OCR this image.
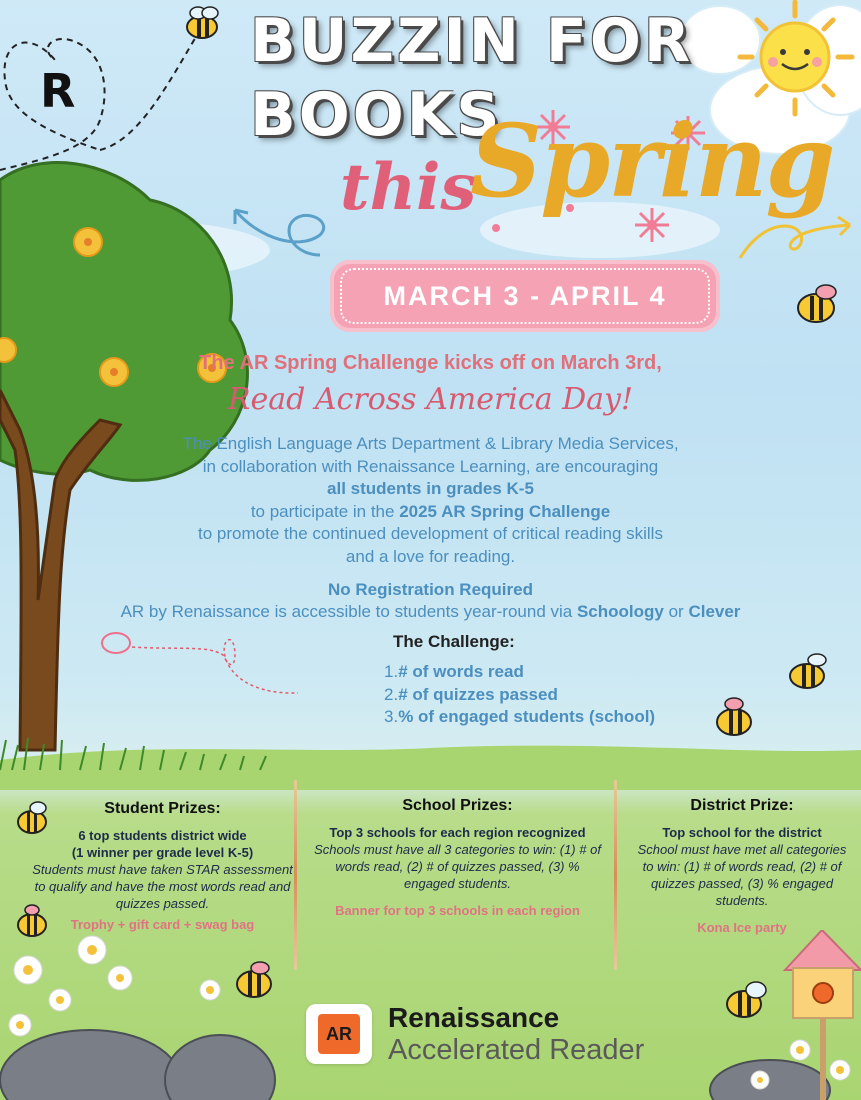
R
BUZZIN FOR
BOOKS
this
Spring
MARCH 3 - APRIL 4
The AR Spring Challenge kicks off on March 3rd,
Read Across America Day!
The English Language Arts Department & Library Media Services,
in collaboration with Renaissance Learning, are encouraging
all students in grades K-5
to participate in the 2025 AR Spring Challenge
to promote the continued development of critical reading skills
and a love for reading.
No Registration Required
AR by Renaissance is accessible to students year-round via Schoology or Clever
The Challenge:
1.# of words read
2.# of quizzes passed
3.% of engaged students (school)
Student Prizes:
6 top students district wide
(1 winner per grade level K-5)
Students must have taken STAR assessment to qualify and have the most words read and quizzes passed.
Trophy + gift card + swag bag
School Prizes:
Top 3 schools for each region recognized
Schools must have all 3 categories to win: (1) # of words read, (2) # of quizzes passed, (3) % engaged students.
Banner for top 3 schools in each region
District Prize:
Top school for the district
School must have met all categories to win: (1) # of words read, (2) # of quizzes passed, (3) % engaged students.
Kona Ice party
AR
Renaissance
Accelerated Reader
